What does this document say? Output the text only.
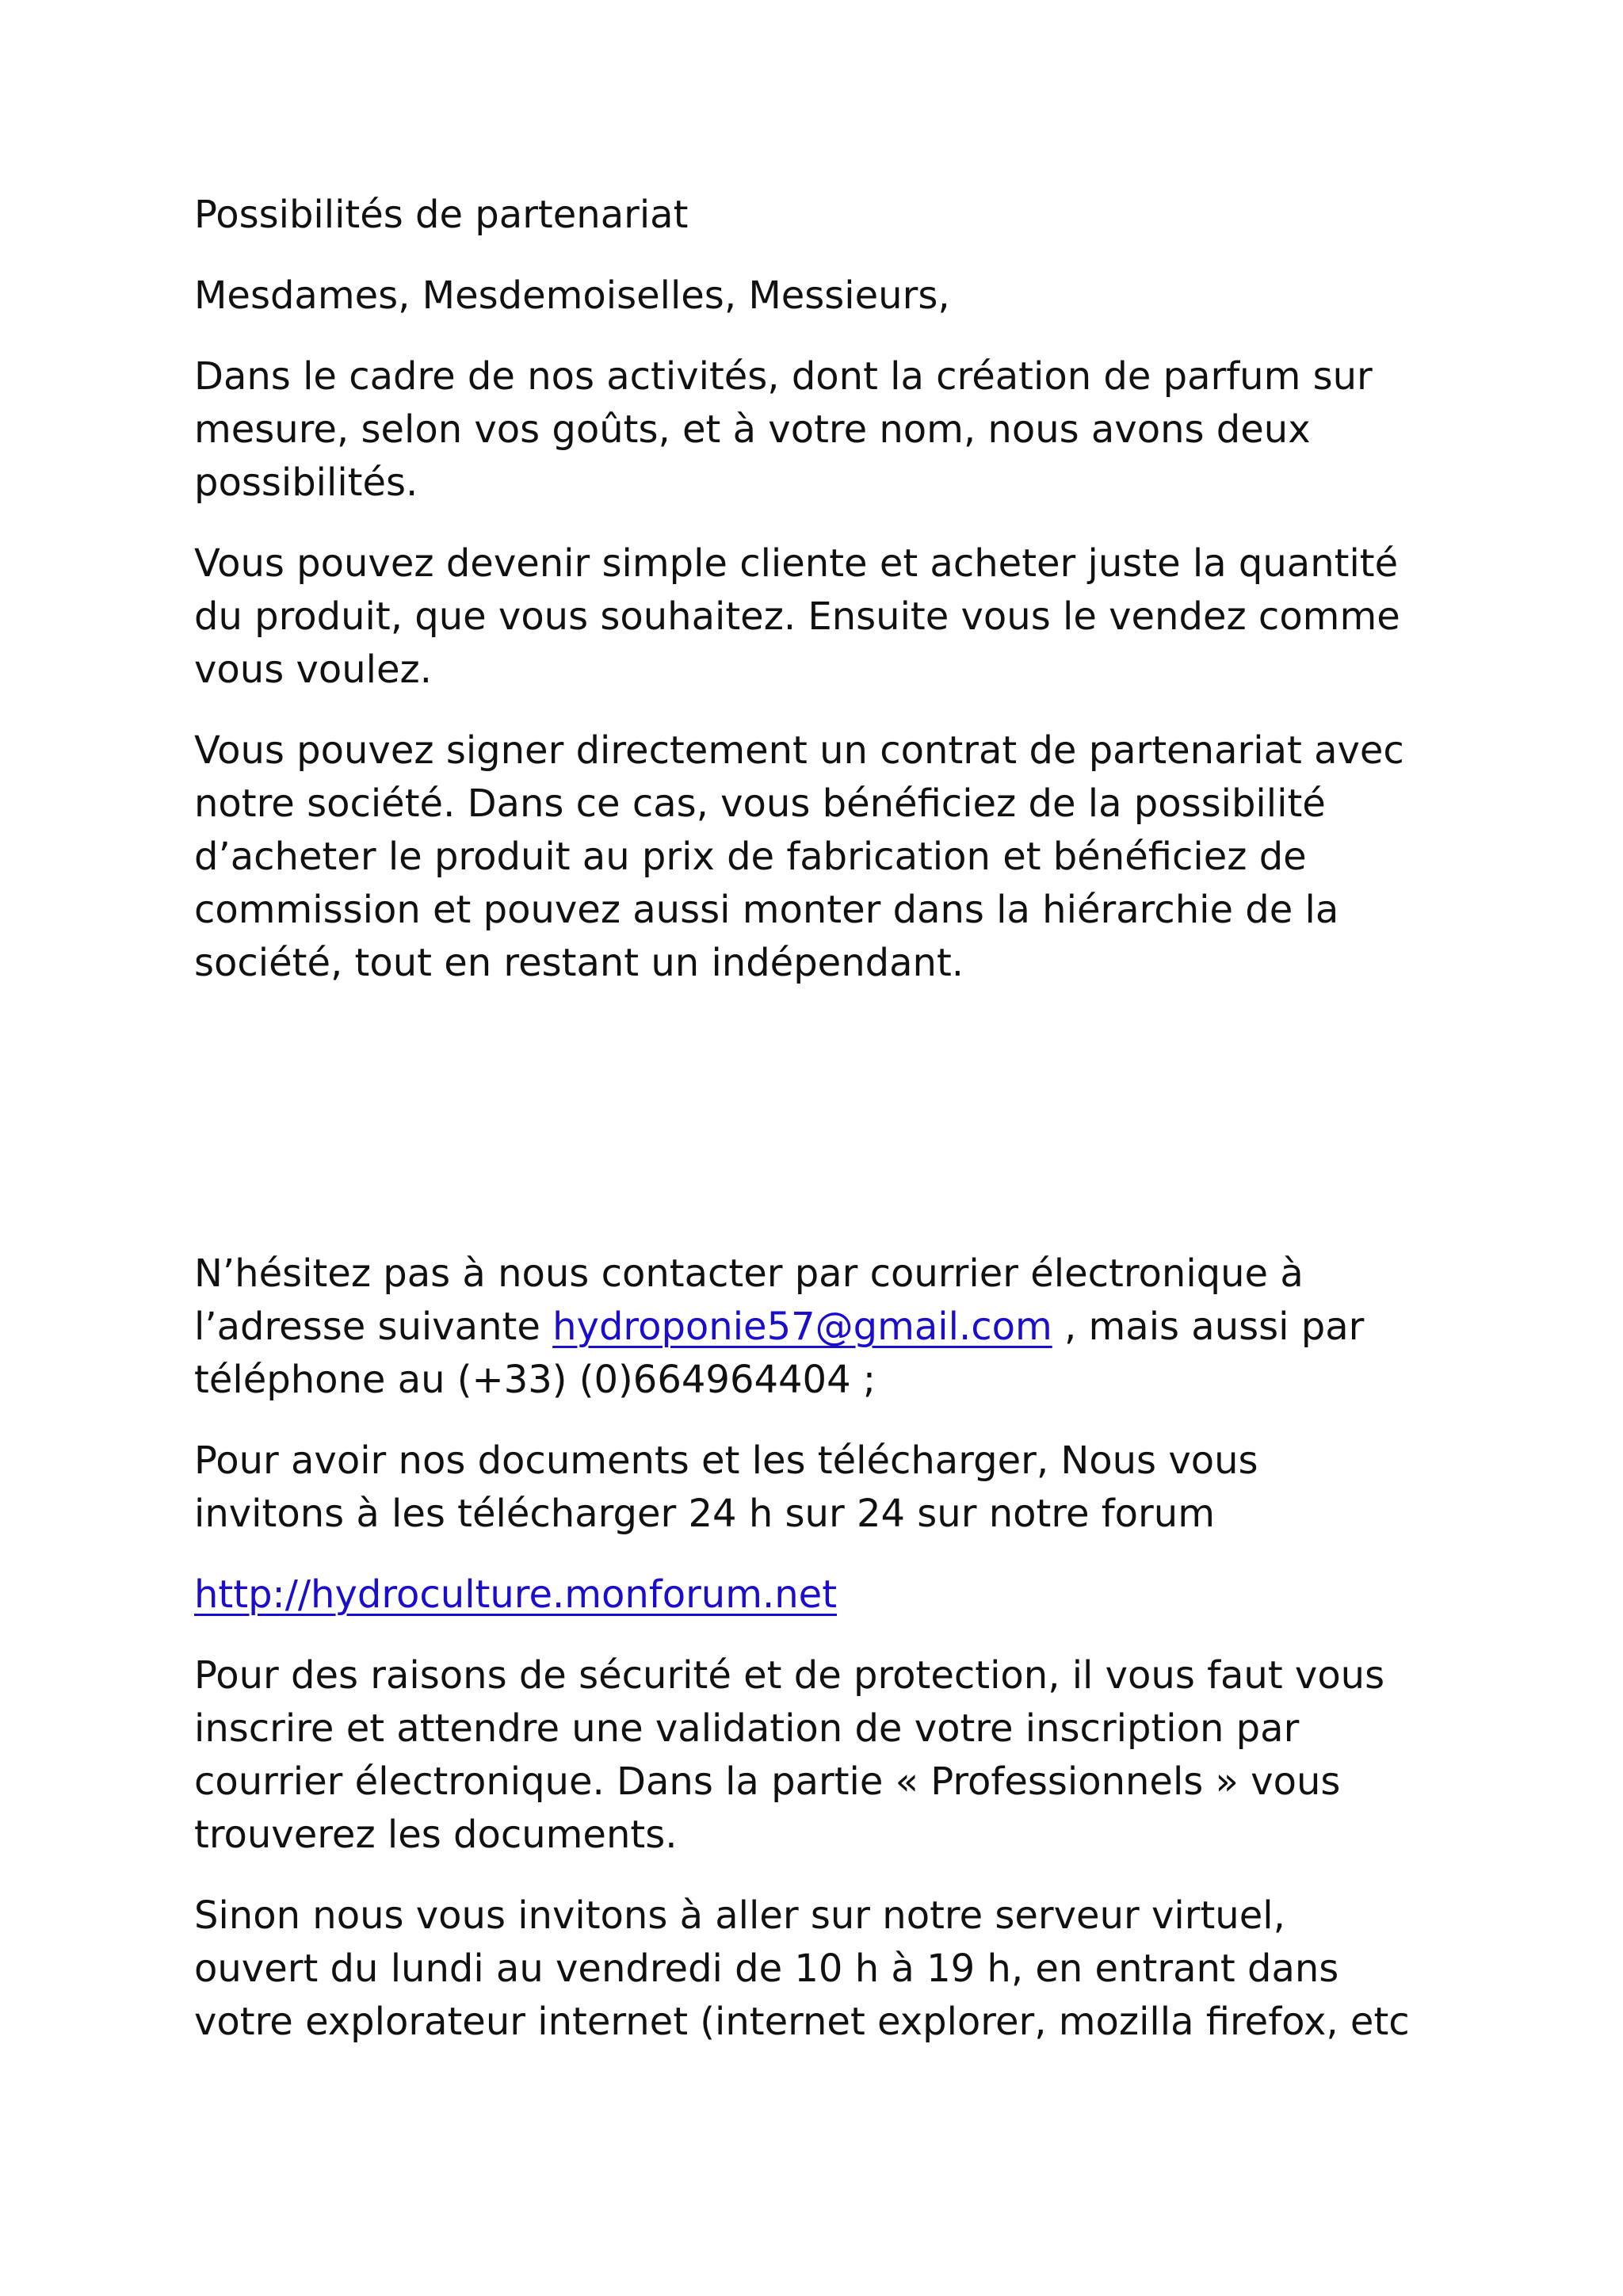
Possibilités de partenariat

Mesdames, Mesdemoiselles, Messieurs,

Dans le cadre de nos activités, dont la création de parfum sur
mesure, selon vos goûts, et à votre nom, nous avons deux
possibilités.

Vous pouvez devenir simple cliente et acheter juste la quantité
du produit, que vous souhaitez. Ensuite vous le vendez comme
vous voulez.

Vous pouvez signer directement un contrat de partenariat avec
notre société. Dans ce cas, vous bénéficiez de la possibilité
d’acheter le produit au prix de fabrication et bénéficiez de
commission et pouvez aussi monter dans la hiérarchie de la
société, tout en restant un indépendant.

N’hésitez pas à nous contacter par courrier électronique à
l’adresse suivante hydroponie57@gmail.com , mais aussi par
téléphone au (+33) (0)664964404 ;

Pour avoir nos documents et les télécharger, Nous vous
invitons à les télécharger 24 h sur 24 sur notre forum

http://hydroculture.monforum.net

Pour des raisons de sécurité et de protection, il vous faut vous
inscrire et attendre une validation de votre inscription par
courrier électronique. Dans la partie « Professionnels » vous
trouverez les documents.

Sinon nous vous invitons à aller sur notre serveur virtuel,
ouvert du lundi au vendredi de 10 h à 19 h, en entrant dans
votre explorateur internet (internet explorer, mozilla firefox, etc
